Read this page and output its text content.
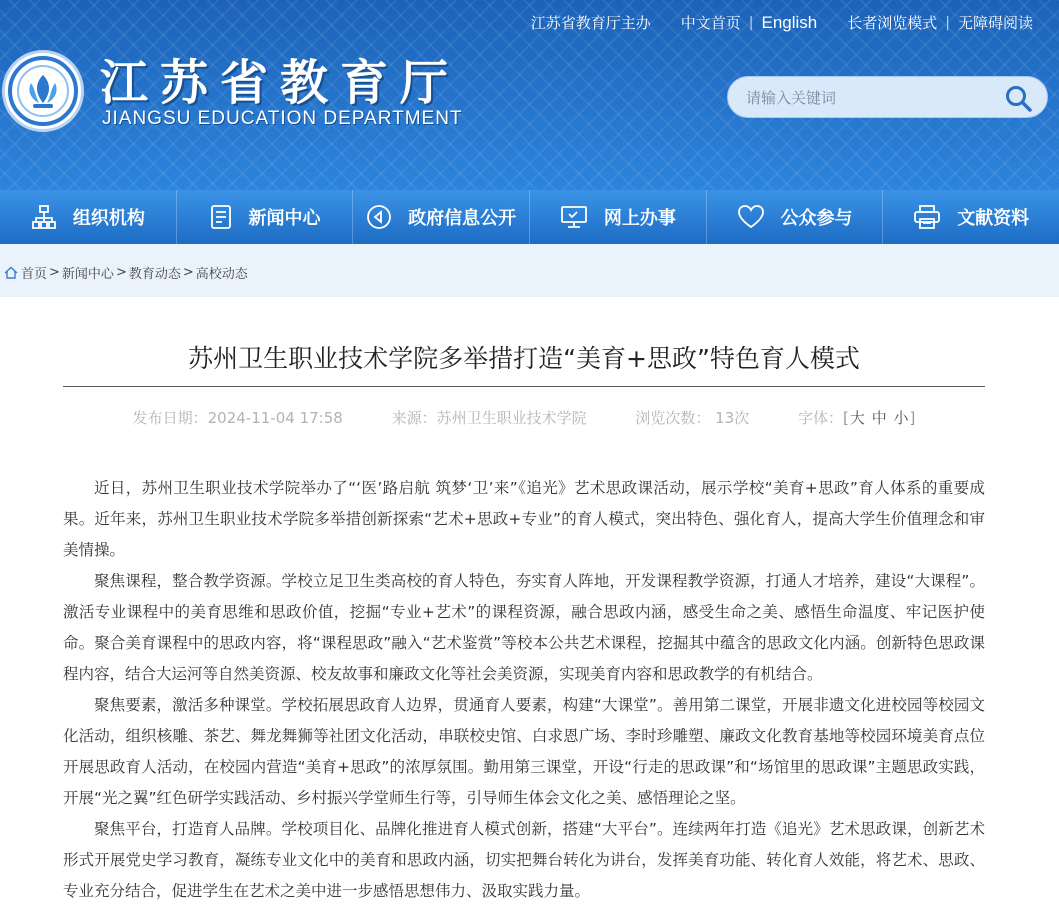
江苏省教育厅主办	中文首页 | English	长者浏览模式 | 无障碍阅读
江苏省教育厅
JIANGSU EDUCATION DEPARTMENT
请输入关键词
组织机构	新闻中心	政府信息公开	网上办事	公众参与	文献资料
首页 > 新闻中心 > 教育动态 > 高校动态
苏州卫生职业技术学院多举措打造“美育+思政”特色育人模式
发布日期：2024-11-04 17:58	来源：苏州卫生职业技术学院	浏览次数： 13次	字体：[大 中 小]

近日，苏州卫生职业技术学院举办了“‘医’路启航 筑梦‘卫’来”《追光》艺术思政课活动，展示学校“美育+思政”育人体系的重要成果。近年来，苏州卫生职业技术学院多举措创新探索“艺术+思政+专业”的育人模式，突出特色、强化育人，提高大学生价值理念和审美情操。

聚焦课程，整合教学资源。学校立足卫生类高校的育人特色，夯实育人阵地，开发课程教学资源，打通人才培养，建设“大课程”。激活专业课程中的美育思维和思政价值，挖掘“专业+艺术”的课程资源，融合思政内涵，感受生命之美、感悟生命温度、牢记医护使命。聚合美育课程中的思政内容，将“课程思政”融入“艺术鉴赏”等校本公共艺术课程，挖掘其中蕴含的思政文化内涵。创新特色思政课程内容，结合大运河等自然美资源、校友故事和廉政文化等社会美资源，实现美育内容和思政教学的有机结合。

聚焦要素，激活多种课堂。学校拓展思政育人边界，贯通育人要素，构建“大课堂”。善用第二课堂，开展非遗文化进校园等校园文化活动，组织核雕、茶艺、舞龙舞狮等社团文化活动，串联校史馆、白求恩广场、李时珍雕塑、廉政文化教育基地等校园环境美育点位开展思政育人活动，在校园内营造“美育+思政”的浓厚氛围。勤用第三课堂，开设“行走的思政课”和“场馆里的思政课”主题思政实践，开展“光之翼”红色研学实践活动、乡村振兴学堂师生行等，引导师生体会文化之美、感悟理论之坚。

聚焦平台，打造育人品牌。学校项目化、品牌化推进育人模式创新，搭建“大平台”。连续两年打造《追光》艺术思政课，创新艺术形式开展党史学习教育，凝练专业文化中的美育和思政内涵，切实把舞台转化为讲台，发挥美育功能、转化育人效能，将艺术、思政、专业充分结合，促进学生在艺术之美中进一步感悟思想伟力、汲取实践力量。
